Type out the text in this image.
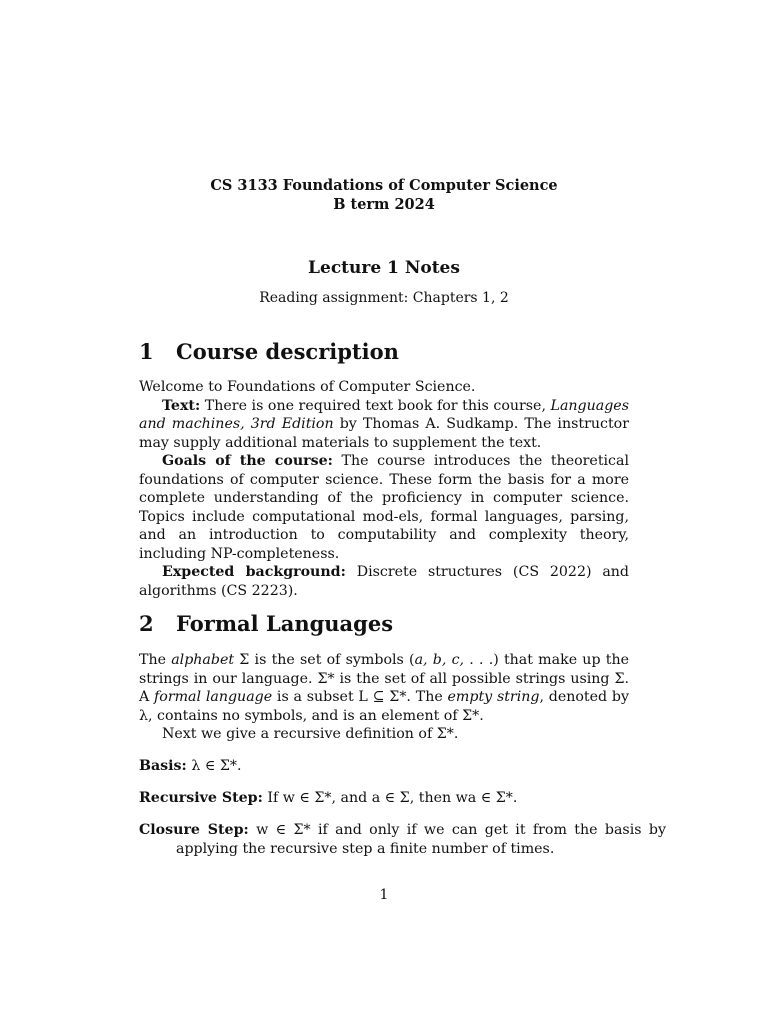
CS 3133 Foundations of Computer Science
B term 2024
Lecture 1 Notes
Reading assignment: Chapters 1, 2
1 Course description

Welcome to Foundations of Computer Science.

Text: There is one required text book for this course, Languages and machines, 3rd Edition by Thomas A. Sudkamp. The instructor may supply additional materials to supplement the text.

Goals of the course: The course introduces the theoretical foundations of computer science. These form the basis for a more complete understanding of the proficiency in computer science. Topics include computational mod-els, formal languages, parsing, and an introduction to computability and complexity theory, including NP-completeness.

Expected background: Discrete structures (CS 2022) and algorithms (CS 2223).

2 Formal Languages

The alphabet Σ is the set of symbols (a, b, c, . . .) that make up the strings in our language. Σ* is the set of all possible strings using Σ. A formal language is a subset L ⊆ Σ*. The empty string, denoted by λ, contains no symbols, and is an element of Σ*.

Next we give a recursive definition of Σ*.

Basis: λ ∈ Σ*.

Recursive Step: If w ∈ Σ*, and a ∈ Σ, then wa ∈ Σ*.

Closure Step: w ∈ Σ* if and only if we can get it from the basis by applying the recursive step a finite number of times.

1
